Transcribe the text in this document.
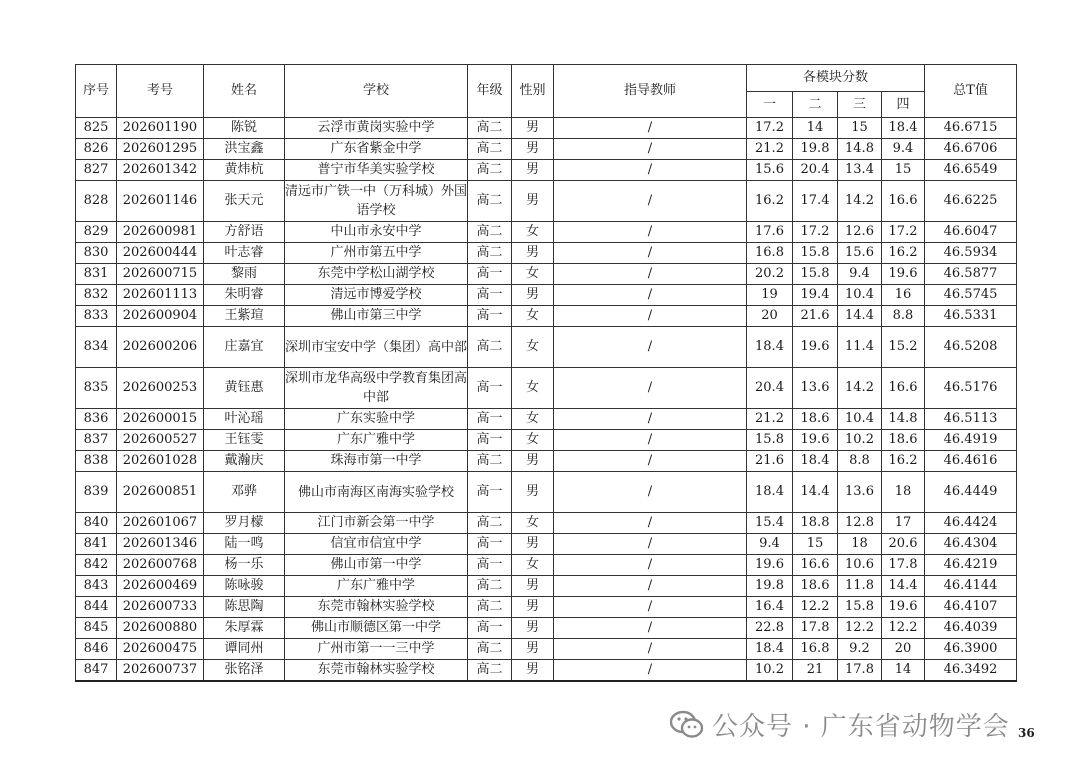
序号	考号	姓名	学校	年级	性别	指导教师	各模块分数				总T值
							一	二	三	四	
825	202601190	陈锐	云浮市黄岗实验中学	高二	男	/	17.2	14	15	18.4	46.6715
826	202601295	洪宝鑫	广东省紫金中学	高二	男	/	21.2	19.8	14.8	9.4	46.6706
827	202601342	黄炜杭	普宁市华美实验学校	高二	男	/	15.6	20.4	13.4	15	46.6549
828	202601146	张天元	清远市广铁一中（万科城）外国语学校	高二	男	/	16.2	17.4	14.2	16.6	46.6225
829	202600981	方舒语	中山市永安中学	高二	女	/	17.6	17.2	12.6	17.2	46.6047
830	202600444	叶志睿	广州市第五中学	高二	男	/	16.8	15.8	15.6	16.2	46.5934
831	202600715	黎雨	东莞中学松山湖学校	高一	女	/	20.2	15.8	9.4	19.6	46.5877
832	202601113	朱明睿	清远市博爱学校	高一	男	/	19	19.4	10.4	16	46.5745
833	202600904	王紫瑄	佛山市第三中学	高一	女	/	20	21.6	14.4	8.8	46.5331
834	202600206	庄嘉宜	深圳市宝安中学（集团）高中部	高二	女	/	18.4	19.6	11.4	15.2	46.5208
835	202600253	黄钰惠	深圳市龙华高级中学教育集团高中部	高一	女	/	20.4	13.6	14.2	16.6	46.5176
836	202600015	叶沁瑶	广东实验中学	高一	女	/	21.2	18.6	10.4	14.8	46.5113
837	202600527	王钰雯	广东广雅中学	高一	女	/	15.8	19.6	10.2	18.6	46.4919
838	202601028	戴瀚庆	珠海市第一中学	高二	男	/	21.6	18.4	8.8	16.2	46.4616
839	202600851	邓骅	佛山市南海区南海实验学校	高一	男	/	18.4	14.4	13.6	18	46.4449
840	202601067	罗月檬	江门市新会第一中学	高二	女	/	15.4	18.8	12.8	17	46.4424
841	202601346	陆一鸣	信宜市信宜中学	高一	男	/	9.4	15	18	20.6	46.4304
842	202600768	杨一乐	佛山市第一中学	高一	女	/	19.6	16.6	10.6	17.8	46.4219
843	202600469	陈咏骏	广东广雅中学	高二	男	/	19.8	18.6	11.8	14.4	46.4144
844	202600733	陈思陶	东莞市翰林实验学校	高二	男	/	16.4	12.2	15.8	19.6	46.4107
845	202600880	朱厚霖	佛山市顺德区第一中学	高一	男	/	22.8	17.8	12.2	12.2	46.4039
846	202600475	谭同州	广州市第一一三中学	高二	男	/	18.4	16.8	9.2	20	46.3900
847	202600737	张铭泽	东莞市翰林实验学校	高二	男	/	10.2	21	17.8	14	46.3492
公众号 · 广东省动物学会 36
